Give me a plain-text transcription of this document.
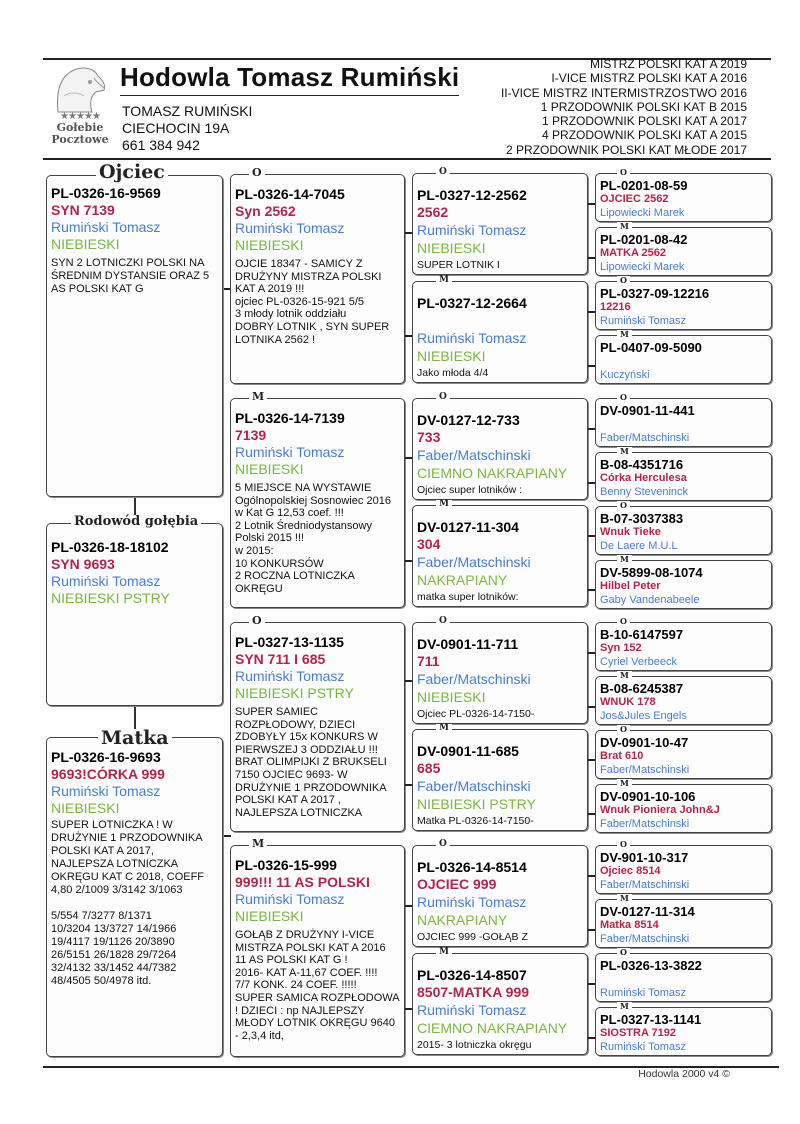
★★★★★
Gołebie
Pocztowe
Hodowla Tomasz Rumiński
TOMASZ RUMIŃSKI
CIECHOCIN 19A
661 384 942
MISTRZ POLSKI KAT A 2019
I-VICE MISTRZ POLSKI KAT A 2016
II-VICE MISTRZ INTERMISTRZOSTWO 2016
1 PRZODOWNIK POLSKI KAT B 2015
1 PRZODOWNIK POLSKI KAT A 2017
4 PRZODOWNIK POLSKI KAT A 2015
2 PRZODOWNIK POLSKI KAT MŁODE 2017
PL-0326-16-9569
SYN 7139
Rumiński Tomasz
NIEBIESKI
SYN 2 LOTNICZKI POLSKI NA ŚREDNIM DYSTANSIE ORAZ 5 AS POLSKI KAT G
Ojciec
PL-0326-18-18102
SYN 9693
Rumiński Tomasz
NIEBIESKI PSTRY
Rodowód gołębia
PL-0326-16-9693
9693!CÓRKA 999
Rumiński Tomasz
NIEBIESKI
SUPER LOTNICZKA ! W DRUŻYNIE 1 PRZODOWNIKA POLSKI KAT A 2017, NAJLEPSZA LOTNICZKA OKRĘGU KAT C 2018, COEFF 4,80 2/1009 3/3142 3/1063

5/554 7/3277 8/1371
10/3204 13/3727 14/1966
19/4117 19/1126 20/3890
26/5151 26/1828 29/7264
32/4132 33/1452 44/7382
48/4505 50/4978 itd.
Matka
PL-0326-14-7045
Syn 2562
Rumiński Tomasz
NIEBIESKI
OJCIE 18347 - SAMICY Z DRUŻYNY MISTRZA POLSKI KAT A 2019 !!!
ojciec PL-0326-15-921 5/5
3 młody lotnik oddziału
DOBRY LOTNIK , SYN SUPER
LOTNIKA 2562 !
O
PL-0326-14-7139
7139
Rumiński Tomasz
NIEBIESKI
5 MIEJSCE NA WYSTAWIE Ogólnopolskiej Sosnowiec 2016 w Kat G 12,53 coef. !!!
2 Lotnik Średniodystansowy Polski 2015 !!!
w 2015:
10 KONKURSÓW
2 ROCZNA LOTNICZKA OKRĘGU
M
PL-0327-13-1135
SYN 711 I 685
Rumiński Tomasz
NIEBIESKI PSTRY
SUPER SAMIEC ROZPŁODOWY, DZIECI ZDOBYŁY 15x KONKURS W PIERWSZEJ 3 ODDZIAŁU !!! BRAT OLIMPIJKI Z BRUKSELI 7150 OJCIEC 9693- W DRUŻYNIE 1 PRZODOWNIKA POLSKI KAT A 2017 , NAJLEPSZA LOTNICZKA
O
PL-0326-15-999
999!!! 11 AS POLSKI
Rumiński Tomasz
NIEBIESKI
GOŁĄB Z DRUŻYNY I-VICE MISTRZA POLSKI KAT A 2016
11 AS POLSKI KAT G !
2016- KAT A-11,67 COEF. !!!!
7/7 KONK. 24 COEF. !!!!!
SUPER SAMICA ROZPŁODOWA ! DZIECI : np NAJLEPSZY MŁODY LOTNIK OKRĘGU 9640 - 2,3,4 itd,
M
PL-0327-12-2562
2562
Rumiński Tomasz
NIEBIESKI
SUPER LOTNIK I
O
PL-0327-12-2664
Rumiński Tomasz
NIEBIESKI
Jako młoda 4/4
M
DV-0127-12-733
733
Faber/Matschinski
CIEMNO NAKRAPIANY
Ojciec super lotników :
O
DV-0127-11-304
304
Faber/Matschinski
NAKRAPIANY
matka super lotników:
M
DV-0901-11-711
711
Faber/Matschinski
NIEBIESKI
Ojciec PL-0326-14-7150-
O
DV-0901-11-685
685
Faber/Matschinski
NIEBIESKI PSTRY
Matka PL-0326-14-7150-
M
PL-0326-14-8514
OJCIEC 999
Rumiński Tomasz
NAKRAPIANY
OJCIEC 999 -GOŁĄB Z
O
PL-0326-14-8507
8507-MATKA 999
Rumiński Tomasz
CIEMNO NAKRAPIANY
2015- 3 lotniczka okręgu
M
PL-0201-08-59
OJCIEC 2562
Lipowiecki Marek
O
PL-0201-08-42
MATKA 2562
Lipowiecki Marek
M
PL-0327-09-12216
12216
Rumiński Tomasz
O
PL-0407-09-5090
Kuczyński
M
DV-0901-11-441
Faber/Matschinski
O
B-08-4351716
Córka Herculesa
Benny Steveninck
M
B-07-3037383
Wnuk Tieke
De Laere M.U.L
O
DV-5899-08-1074
Hilbel Peter
Gaby Vandenabeele
M
B-10-6147597
Syn 152
Cyriel Verbeeck
O
B-08-6245387
WNUK 178
Jos&Jules Engels
M
DV-0901-10-47
Brat 610
Faber/Matschinski
O
DV-0901-10-106
Wnuk Pioniera John&J
Faber/Matschinski
M
DV-901-10-317
Ojciec 8514
Faber/Matschinski
O
DV-0127-11-314
Matka 8514
Faber/Matschinski
M
PL-0326-13-3822
Rumiński Tomasz
O
PL-0327-13-1141
SIOSTRA 7192
Rumiński Tomasz
M
Hodowla 2000 v4 ©
